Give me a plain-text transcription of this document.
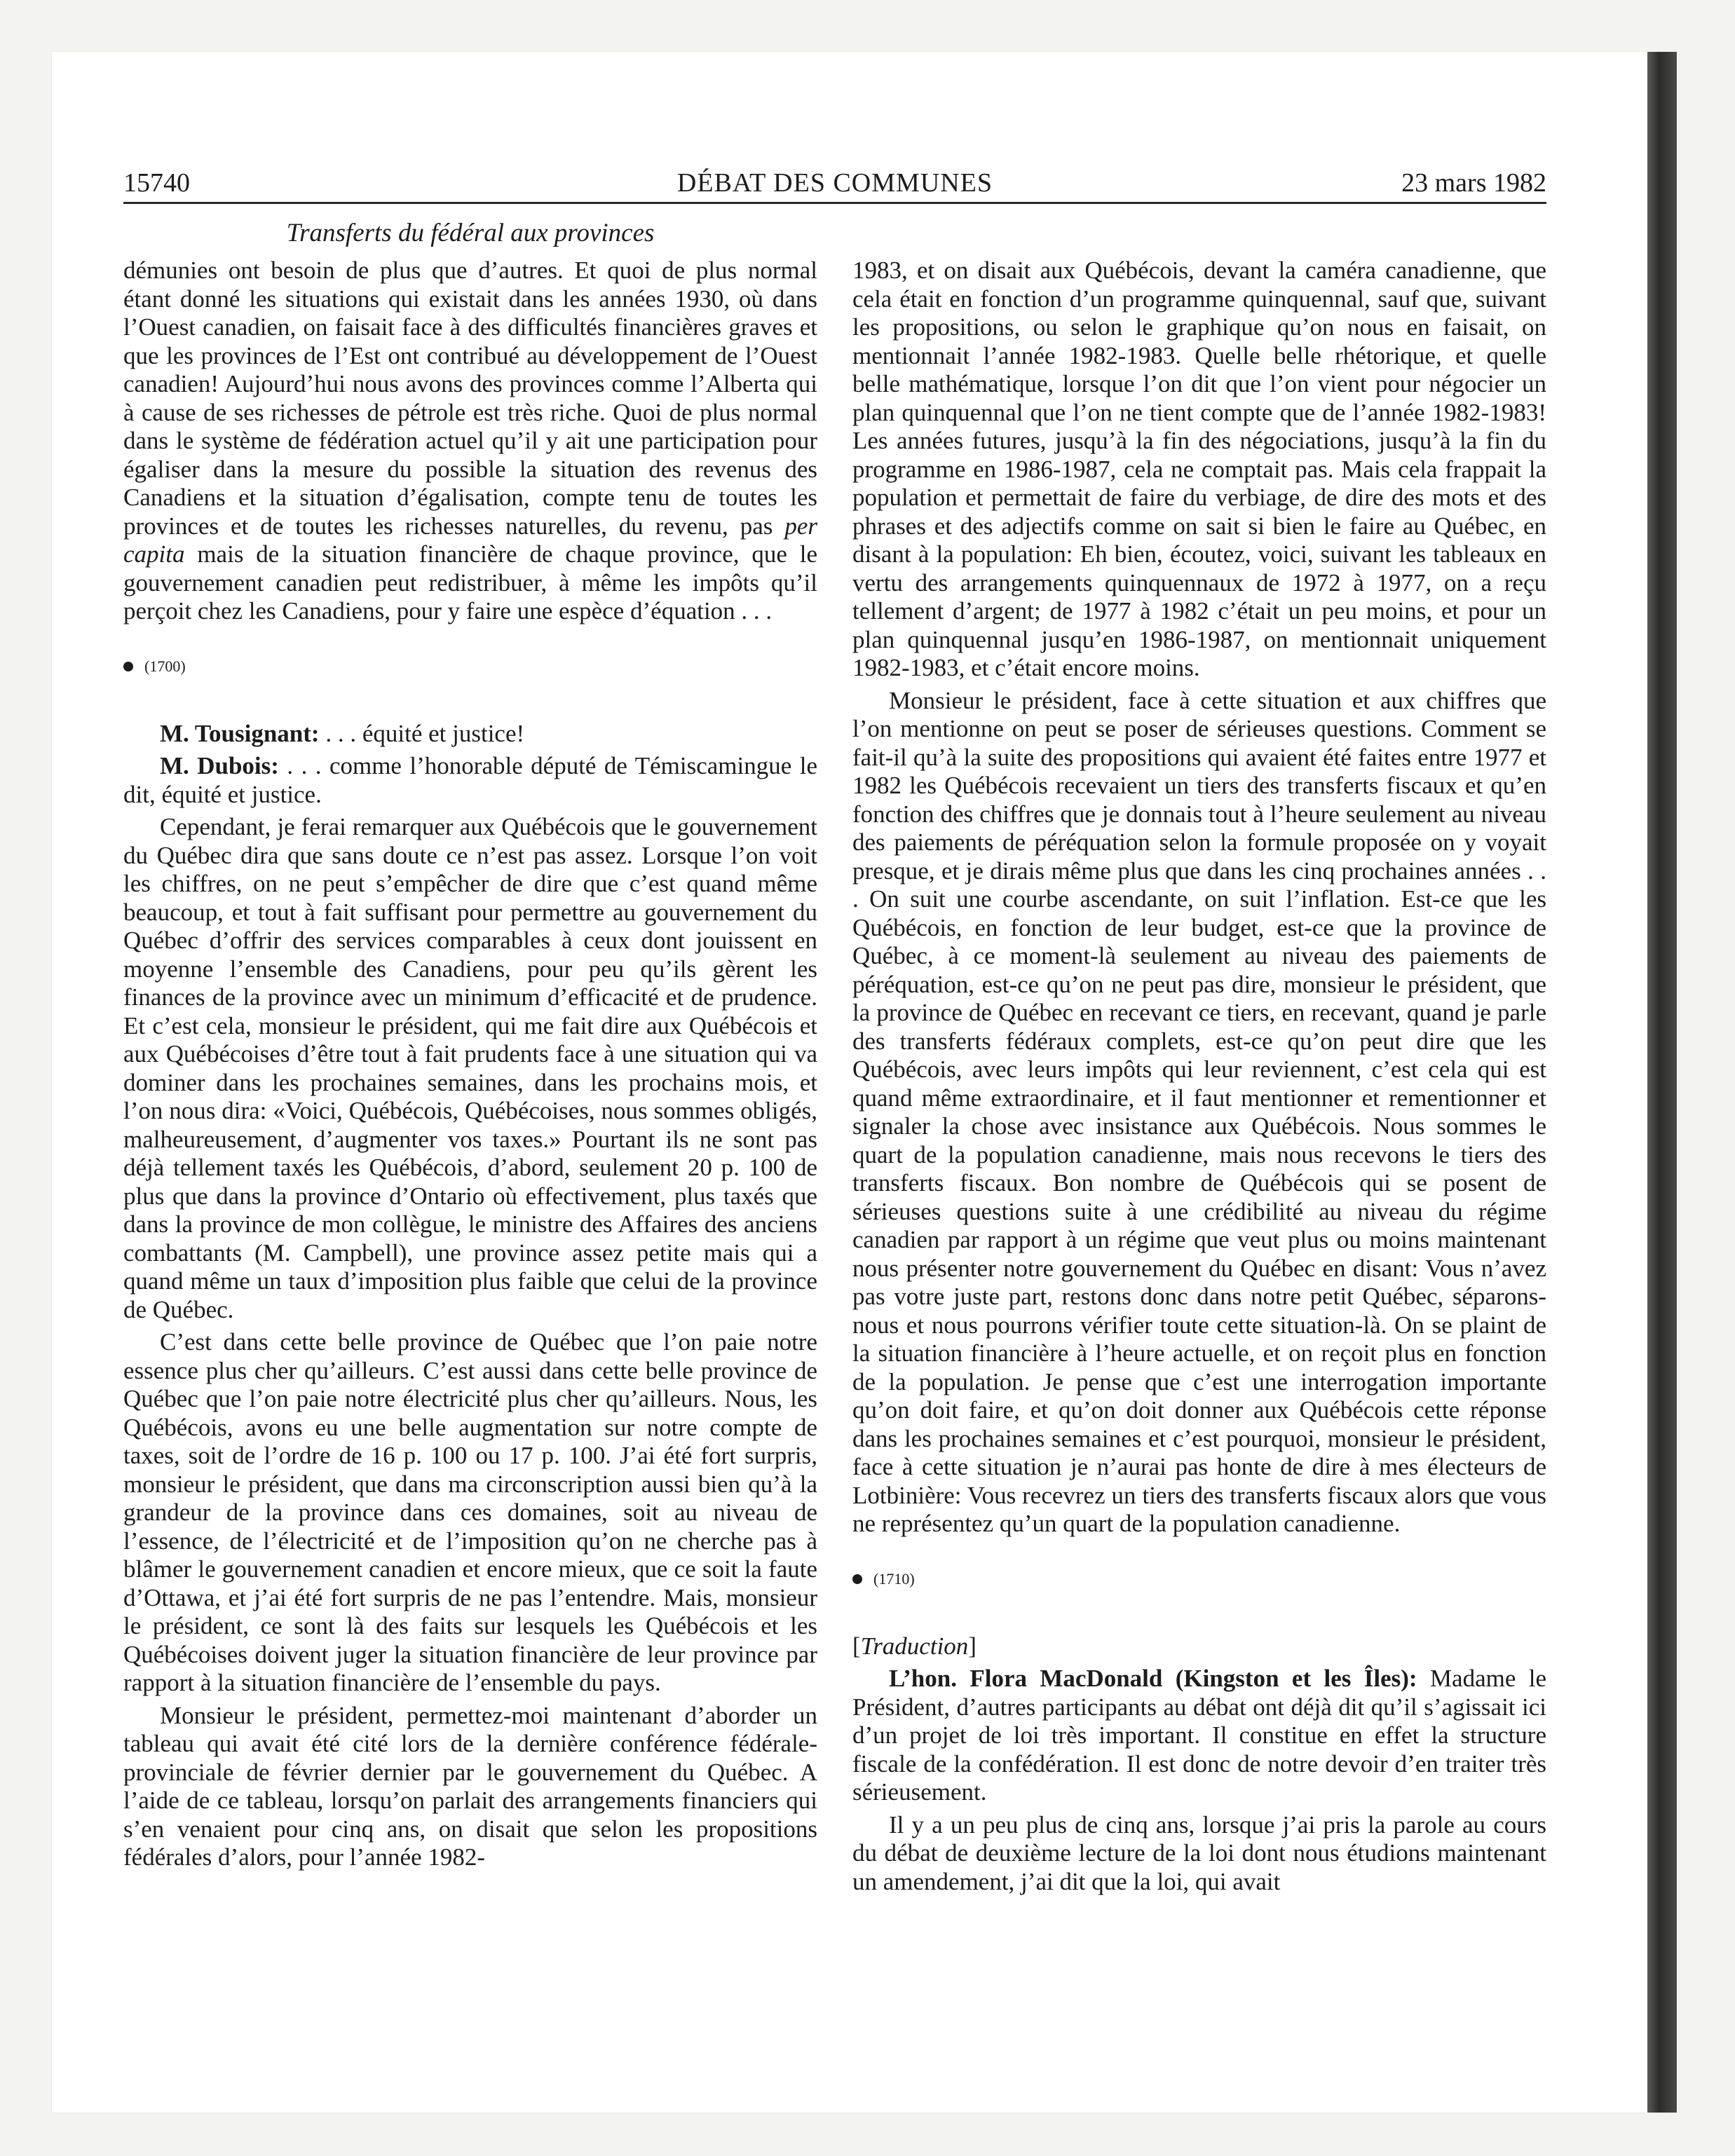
15740	DÉBAT DES COMMUNES	23 mars 1982
Transferts du fédéral aux provinces

démunies ont besoin de plus que d’autres. Et quoi de plus normal étant donné les situations qui existait dans les années 1930, où dans l’Ouest canadien, on faisait face à des difficultés financières graves et que les provinces de l’Est ont contribué au développement de l’Ouest canadien! Aujourd’hui nous avons des provinces comme l’Alberta qui à cause de ses richesses de pétrole est très riche. Quoi de plus normal dans le système de fédération actuel qu’il y ait une participation pour égaliser dans la mesure du possible la situation des revenus des Canadiens et la situation d’égalisation, compte tenu de toutes les provinces et de toutes les richesses naturelles, du revenu, pas per capita mais de la situation financière de chaque province, que le gouvernement canadien peut redistribuer, à même les impôts qu’il perçoit chez les Canadiens, pour y faire une espèce d’équation . . .

(1700)

M. Tousignant: . . . équité et justice!

M. Dubois: . . . comme l’honorable député de Témiscamingue le dit, équité et justice.

Cependant, je ferai remarquer aux Québécois que le gouvernement du Québec dira que sans doute ce n’est pas assez. Lorsque l’on voit les chiffres, on ne peut s’empêcher de dire que c’est quand même beaucoup, et tout à fait suffisant pour permettre au gouvernement du Québec d’offrir des services comparables à ceux dont jouissent en moyenne l’ensemble des Canadiens, pour peu qu’ils gèrent les finances de la province avec un minimum d’efficacité et de prudence. Et c’est cela, monsieur le président, qui me fait dire aux Québécois et aux Québécoises d’être tout à fait prudents face à une situation qui va dominer dans les prochaines semaines, dans les prochains mois, et l’on nous dira: «Voici, Québécois, Québécoises, nous sommes obligés, malheureusement, d’augmenter vos taxes.» Pourtant ils ne sont pas déjà tellement taxés les Québécois, d’abord, seulement 20 p. 100 de plus que dans la province d’Ontario où effectivement, plus taxés que dans la province de mon collègue, le ministre des Affaires des anciens combattants (M. Campbell), une province assez petite mais qui a quand même un taux d’imposition plus faible que celui de la province de Québec.

C’est dans cette belle province de Québec que l’on paie notre essence plus cher qu’ailleurs. C’est aussi dans cette belle province de Québec que l’on paie notre électricité plus cher qu’ailleurs. Nous, les Québécois, avons eu une belle augmentation sur notre compte de taxes, soit de l’ordre de 16 p. 100 ou 17 p. 100. J’ai été fort surpris, monsieur le président, que dans ma circonscription aussi bien qu’à la grandeur de la province dans ces domaines, soit au niveau de l’essence, de l’électricité et de l’imposition qu’on ne cherche pas à blâmer le gouvernement canadien et encore mieux, que ce soit la faute d’Ottawa, et j’ai été fort surpris de ne pas l’entendre. Mais, monsieur le président, ce sont là des faits sur lesquels les Québécois et les Québécoises doivent juger la situation financière de leur province par rapport à la situation financière de l’ensemble du pays.

Monsieur le président, permettez-moi maintenant d’aborder un tableau qui avait été cité lors de la dernière conférence fédérale-provinciale de février dernier par le gouvernement du Québec. A l’aide de ce tableau, lorsqu’on parlait des arrangements financiers qui s’en venaient pour cinq ans, on disait que selon les propositions fédérales d’alors, pour l’année 1982-

1983, et on disait aux Québécois, devant la caméra canadienne, que cela était en fonction d’un programme quinquennal, sauf que, suivant les propositions, ou selon le graphique qu’on nous en faisait, on mentionnait l’année 1982-1983. Quelle belle rhétorique, et quelle belle mathématique, lorsque l’on dit que l’on vient pour négocier un plan quinquennal que l’on ne tient compte que de l’année 1982-1983! Les années futures, jusqu’à la fin des négociations, jusqu’à la fin du programme en 1986-1987, cela ne comptait pas. Mais cela frappait la population et permettait de faire du verbiage, de dire des mots et des phrases et des adjectifs comme on sait si bien le faire au Québec, en disant à la population: Eh bien, écoutez, voici, suivant les tableaux en vertu des arrangements quinquennaux de 1972 à 1977, on a reçu tellement d’argent; de 1977 à 1982 c’était un peu moins, et pour un plan quinquennal jusqu’en 1986-1987, on mentionnait uniquement 1982-1983, et c’était encore moins.

Monsieur le président, face à cette situation et aux chiffres que l’on mentionne on peut se poser de sérieuses questions. Comment se fait-il qu’à la suite des propositions qui avaient été faites entre 1977 et 1982 les Québécois recevaient un tiers des transferts fiscaux et qu’en fonction des chiffres que je donnais tout à l’heure seulement au niveau des paiements de péréquation selon la formule proposée on y voyait presque, et je dirais même plus que dans les cinq prochaines années . . . On suit une courbe ascendante, on suit l’inflation. Est-ce que les Québécois, en fonction de leur budget, est-ce que la province de Québec, à ce moment-là seulement au niveau des paiements de péréquation, est-ce qu’on ne peut pas dire, monsieur le président, que la province de Québec en recevant ce tiers, en recevant, quand je parle des transferts fédéraux complets, est-ce qu’on peut dire que les Québécois, avec leurs impôts qui leur reviennent, c’est cela qui est quand même extraordinaire, et il faut mentionner et rementionner et signaler la chose avec insistance aux Québécois. Nous sommes le quart de la population canadienne, mais nous recevons le tiers des transferts fiscaux. Bon nombre de Québécois qui se posent de sérieuses questions suite à une crédibilité au niveau du régime canadien par rapport à un régime que veut plus ou moins maintenant nous présenter notre gouvernement du Québec en disant: Vous n’avez pas votre juste part, restons donc dans notre petit Québec, séparons-nous et nous pourrons vérifier toute cette situation-là. On se plaint de la situation financière à l’heure actuelle, et on reçoit plus en fonction de la population. Je pense que c’est une interrogation importante qu’on doit faire, et qu’on doit donner aux Québécois cette réponse dans les prochaines semaines et c’est pourquoi, monsieur le président, face à cette situation je n’aurai pas honte de dire à mes électeurs de Lotbinière: Vous recevrez un tiers des transferts fiscaux alors que vous ne représentez qu’un quart de la population canadienne.

(1710)

[Traduction]

L’hon. Flora MacDonald (Kingston et les Îles): Madame le Président, d’autres participants au débat ont déjà dit qu’il s’agissait ici d’un projet de loi très important. Il constitue en effet la structure fiscale de la confédération. Il est donc de notre devoir d’en traiter très sérieusement.

Il y a un peu plus de cinq ans, lorsque j’ai pris la parole au cours du débat de deuxième lecture de la loi dont nous étudions maintenant un amendement, j’ai dit que la loi, qui avait
